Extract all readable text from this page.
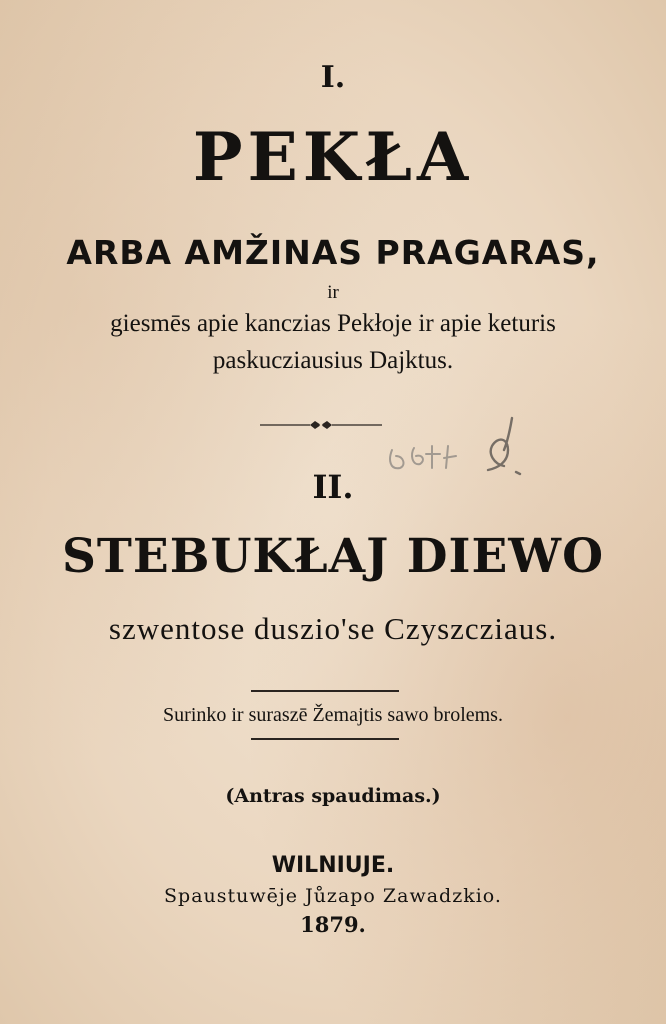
I.
PEKŁA
ARBA AMŽINAS PRAGARAS,
ir
giesmēs apie kanczias Pekłoje ir apie keturis
paskucziausius Dajktus.
II.
STEBUKŁAJ DIEWO
szwentose duszio'se Czyszcziaus.
Surinko ir suraszē Žemajtis sawo brolems.
(Antras spaudimas.)
WILNIUJE.
Spaustuwēje Jůzapo Zawadzkio.
1879.
